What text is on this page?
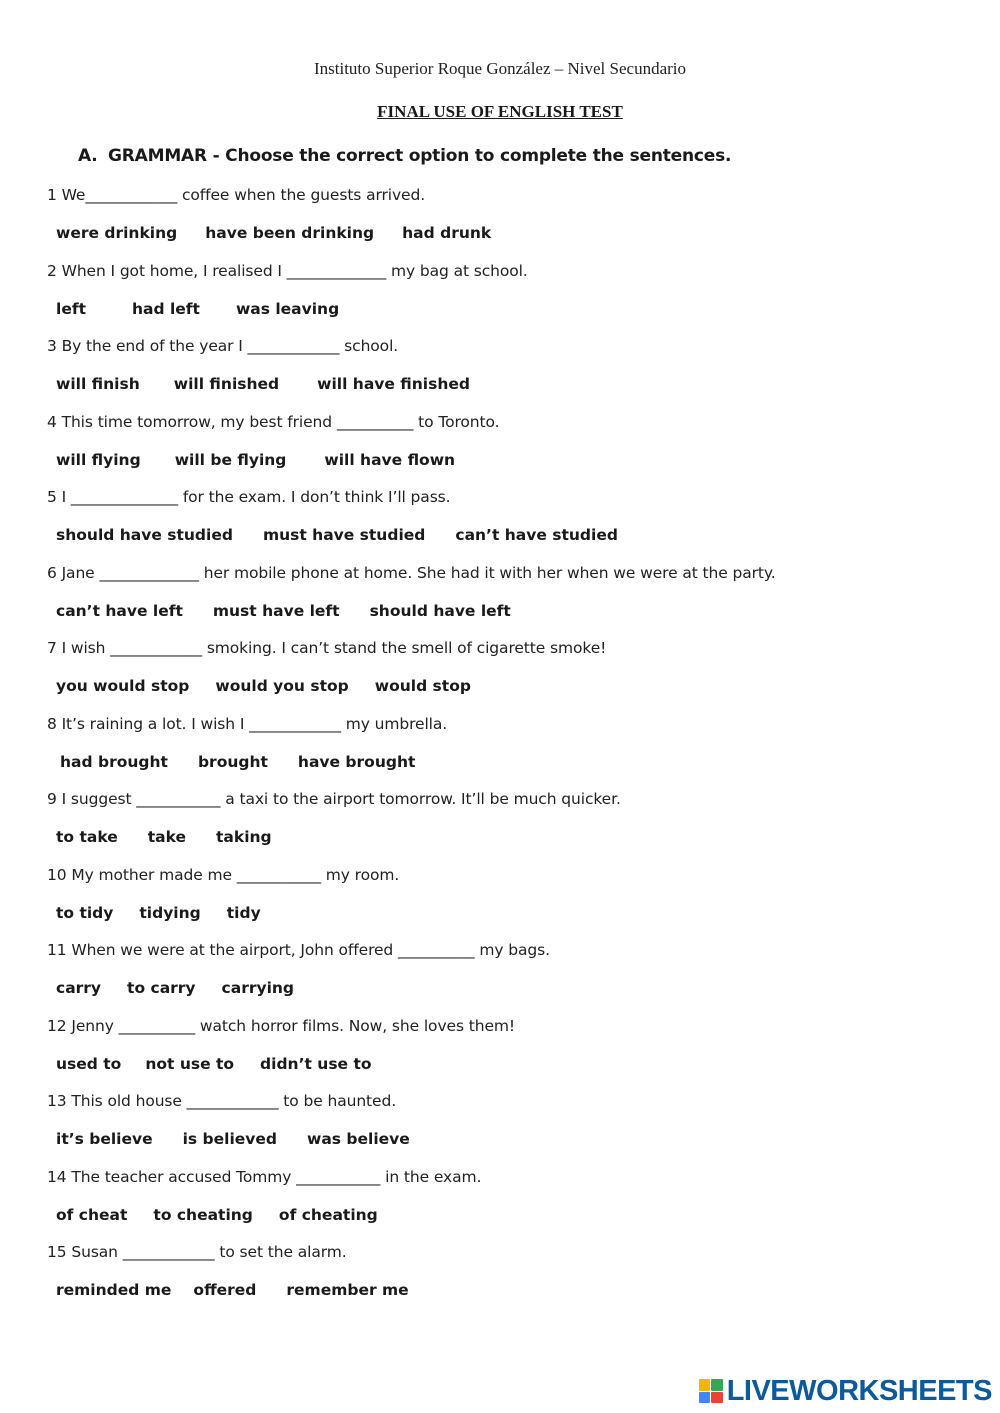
Instituto Superior Roque González – Nivel Secundario
FINAL USE OF ENGLISH TEST
A. GRAMMAR - Choose the correct option to complete the sentences.
1 We____________ coffee when the guests arrived.
were drinking have been drinking had drunk
2 When I got home, I realised I _____________ my bag at school.
left	had left was leaving
3 By the end of the year I ____________ school.
will finish will finished will have finished
4 This time tomorrow, my best friend __________ to Toronto.
will flying will be flying will have flown
5 I ______________ for the exam. I don’t think I’ll pass.
should have studied must have studied can’t have studied
6 Jane _____________ her mobile phone at home. She had it with her when we were at the party.
can’t have left must have left should have left
7 I wish ____________ smoking. I can’t stand the smell of cigarette smoke!
you would stop would you stop would stop
8 It’s raining a lot. I wish I ____________ my umbrella.
had brought brought have brought
9 I suggest ___________ a taxi to the airport tomorrow. It’ll be much quicker.
to take take taking
10 My mother made me ___________ my room.
to tidy tidying tidy
11 When we were at the airport, John offered __________ my bags.
carry to carry carrying
12 Jenny __________ watch horror films. Now, she loves them!
used to not use to didn’t use to
13 This old house ____________ to be haunted.
it’s believe is believed was believe
14 The teacher accused Tommy ___________ in the exam.
of cheat to cheating of cheating
15 Susan ____________ to set the alarm.
reminded me offered remember me
LIVEWORKSHEETS
